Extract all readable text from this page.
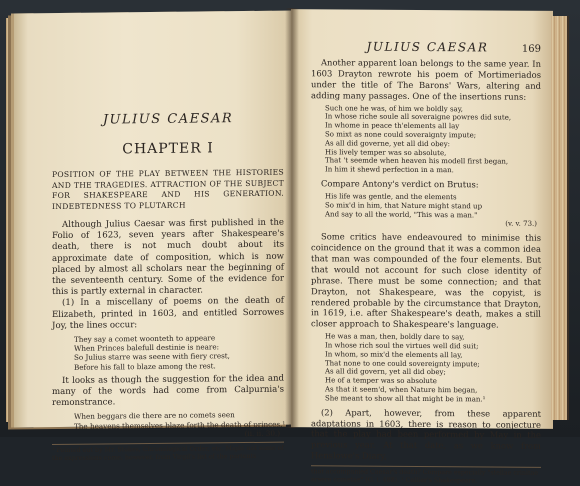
JULIUS CAESAR
CHAPTER I

POSITION OF THE PLAY BETWEEN THE HISTORIES AND THE TRAGEDIES. ATTRACTION OF THE SUBJECT FOR SHAKESPEARE AND HIS GENERATION. INDEBTEDNESS TO PLUTARCH

Although Julius Caesar was first published in the Folio of 1623, seven years after Shakespeare's death, there is not much doubt about its approximate date of composition, which is now placed by almost all scholars near the beginning of the seventeenth century. Some of the evidence for this is partly external in character.

(1) In a miscellany of poems on the death of Elizabeth, printed in 1603, and entitled Sorrowes Joy, the lines occur:

They say a comet woonteth to appeare
When Princes balefull destinie is neare:
So Julius starre was seene with fiery crest,
Before his fall to blaze among the rest.

It looks as though the suggestion for the idea and many of the words had come from Calpurnia's remonstrance.

When beggars die there are no comets seen
The heavens themselves blaze forth the death of princes.¹
(ii. ii. 30.)
¹ Pointed out by Mr. Stokes, Chronological Order, etc. Might not some of the expressions come, however, from Virgil's list of the portents
JULIUS CAESAR	169

Another apparent loan belongs to the same year. In 1603 Drayton rewrote his poem of Mortimeriados under the title of The Barons' Wars, altering and adding many passages. One of the insertions runs:

Such one he was, of him we boldly say,
In whose riche soule all soveraigne powres did sute,
In whome in peace th'elements all lay
So mixt as none could soveraignty impute;
As all did governe, yet all did obey:
His lively temper was so absolute,
That 't seemde when heaven his modell first began,
In him it shewd perfection in a man.

Compare Antony's verdict on Brutus:

His life was gentle, and the elements
So mix'd in him, that Nature might stand up
And say to all the world, "This was a man."
(v. v. 73.)

Some critics have endeavoured to minimise this coincidence on the ground that it was a common idea that man was compounded of the four elements. But that would not account for such close identity of phrase. There must be some connection; and that Drayton, not Shakespeare, was the copyist, is rendered probable by the circumstance that Drayton, in 1619, i.e. after Shakespeare's death, makes a still closer approach to Shakespeare's language.

He was a man, then, boldly dare to say,
In whose rich soul the virtues well did suit;
In whom, so mix'd the elements all lay,
That none to one could sovereignty impute;
As all did govern, yet all did obey;
He of a temper was so absolute
As that it seem'd, when Nature him began,
She meant to show all that might be in man.¹

(2) Apart, however, from these apparent adaptations in 1603, there is reason to conjecture that the play had been performed by May in the previous year. At that date, as we know from Henslowe's Diary,

that accompanied Caesar's death? Compare especially "stellae crinitae arsere cometae" (G. i. 488). ¹ Collier's Shakespeare.
